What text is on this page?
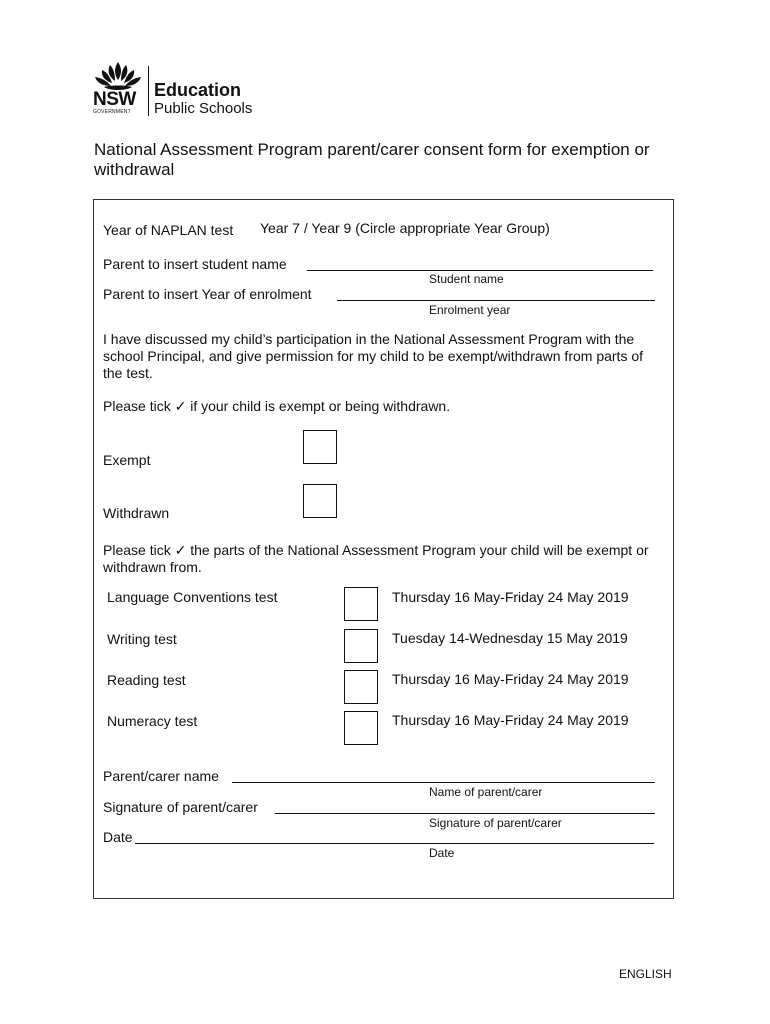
NSW
GOVERNMENT
Education
Public Schools
National Assessment Program parent/carer consent form for exemption or withdrawal
Year of NAPLAN test Year 7 / Year 9 (Circle appropriate Year Group)
Parent to insert student name
Student name
Parent to insert Year of enrolment
Enrolment year
I have discussed my child’s participation in the National Assessment Program with the school Principal, and give permission for my child to be exempt/withdrawn from parts of the test.
Please tick ✓ if your child is exempt or being withdrawn.
Exempt
Withdrawn
Please tick ✓ the parts of the National Assessment Program your child will be exempt or withdrawn from.
Language Conventions test	Thursday 16 May-Friday 24 May 2019
Writing test	Tuesday 14-Wednesday 15 May 2019
Reading test	Thursday 16 May-Friday 24 May 2019
Numeracy test	Thursday 16 May-Friday 24 May 2019
Parent/carer name
Name of parent/carer
Signature of parent/carer
Signature of parent/carer
Date
Date
ENGLISH
